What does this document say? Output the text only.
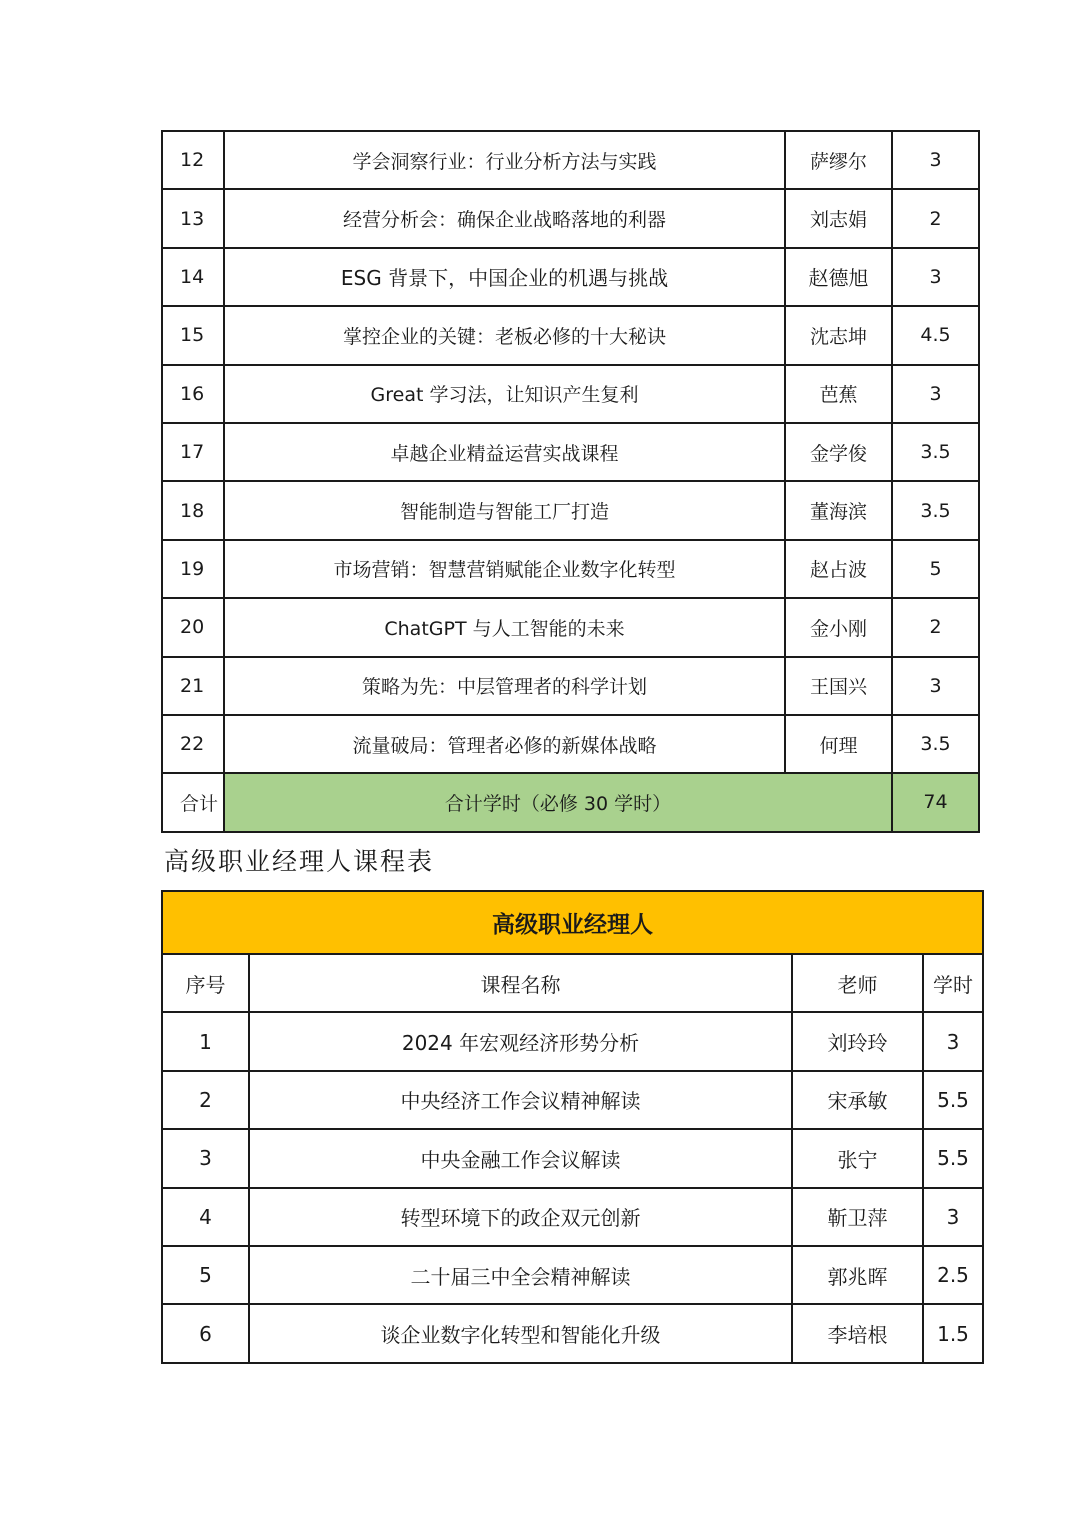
12	学会洞察行业：行业分析方法与实践	萨缪尔	3
13	经营分析会：确保企业战略落地的利器	刘志娟	2
14	ESG 背景下，中国企业的机遇与挑战	赵德旭	3
15	掌控企业的关键：老板必修的十大秘诀	沈志坤	4.5
16	Great 学习法，让知识产生复利	芭蕉	3
17	卓越企业精益运营实战课程	金学俊	3.5
18	智能制造与智能工厂打造	董海滨	3.5
19	市场营销：智慧营销赋能企业数字化转型	赵占波	5
20	ChatGPT 与人工智能的未来	金小刚	2
21	策略为先：中层管理者的科学计划	王国兴	3
22	流量破局：管理者必修的新媒体战略	何理	3.5
合计	合计学时（必修 30 学时）		74
高级职业经理人课程表
高级职业经理人			
序号	课程名称	老师	学时
1	2024 年宏观经济形势分析	刘玲玲	3
2	中央经济工作会议精神解读	宋承敏	5.5
3	中央金融工作会议解读	张宁	5.5
4	转型环境下的政企双元创新	靳卫萍	3
5	二十届三中全会精神解读	郭兆晖	2.5
6	谈企业数字化转型和智能化升级	李培根	1.5
